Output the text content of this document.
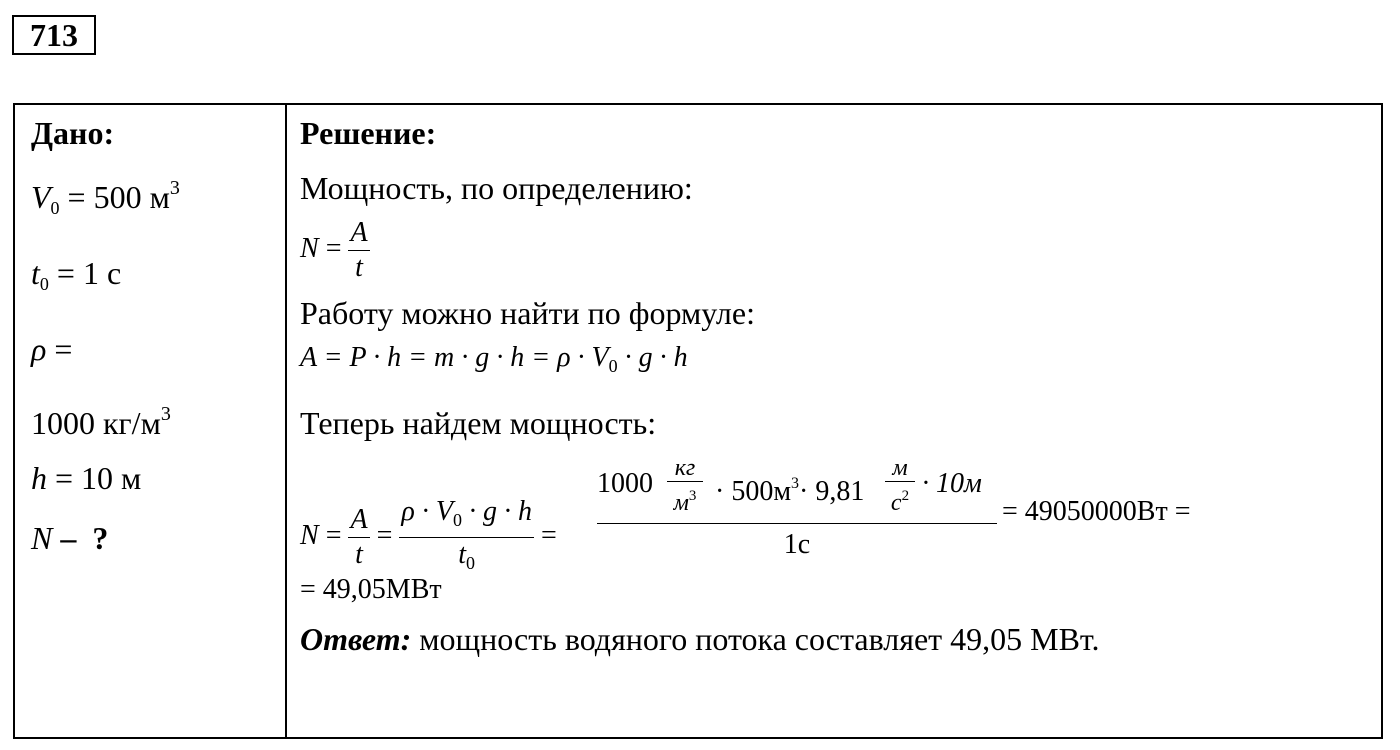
713
Дано:
$V_0 = 500$ $м^3$
$t_0 = 1$ с
ρ =
1000 $кг/м^3$
h = 10 м
N –  ?
Решение:
Мощность, по определению:
$N = \frac{A}{t}$
Работу можно найти по формуле:
$A = P \cdot h = m \cdot g \cdot h = \rho \cdot V_0 \cdot g \cdot h$
Теперь найдем мощность:
$N = \frac{A}{t} = \frac{\rho \cdot V_0 \cdot g \cdot h}{t_0}$ =
1000 кг
$м^3 \cdot 500м^3\cdot 9,81$
м
$с^2 \cdot 10м$
1с
= 49050000Вт =
= 49,05МВт
Ответ: мощность водяного потока составляет 49,05 МВт.
